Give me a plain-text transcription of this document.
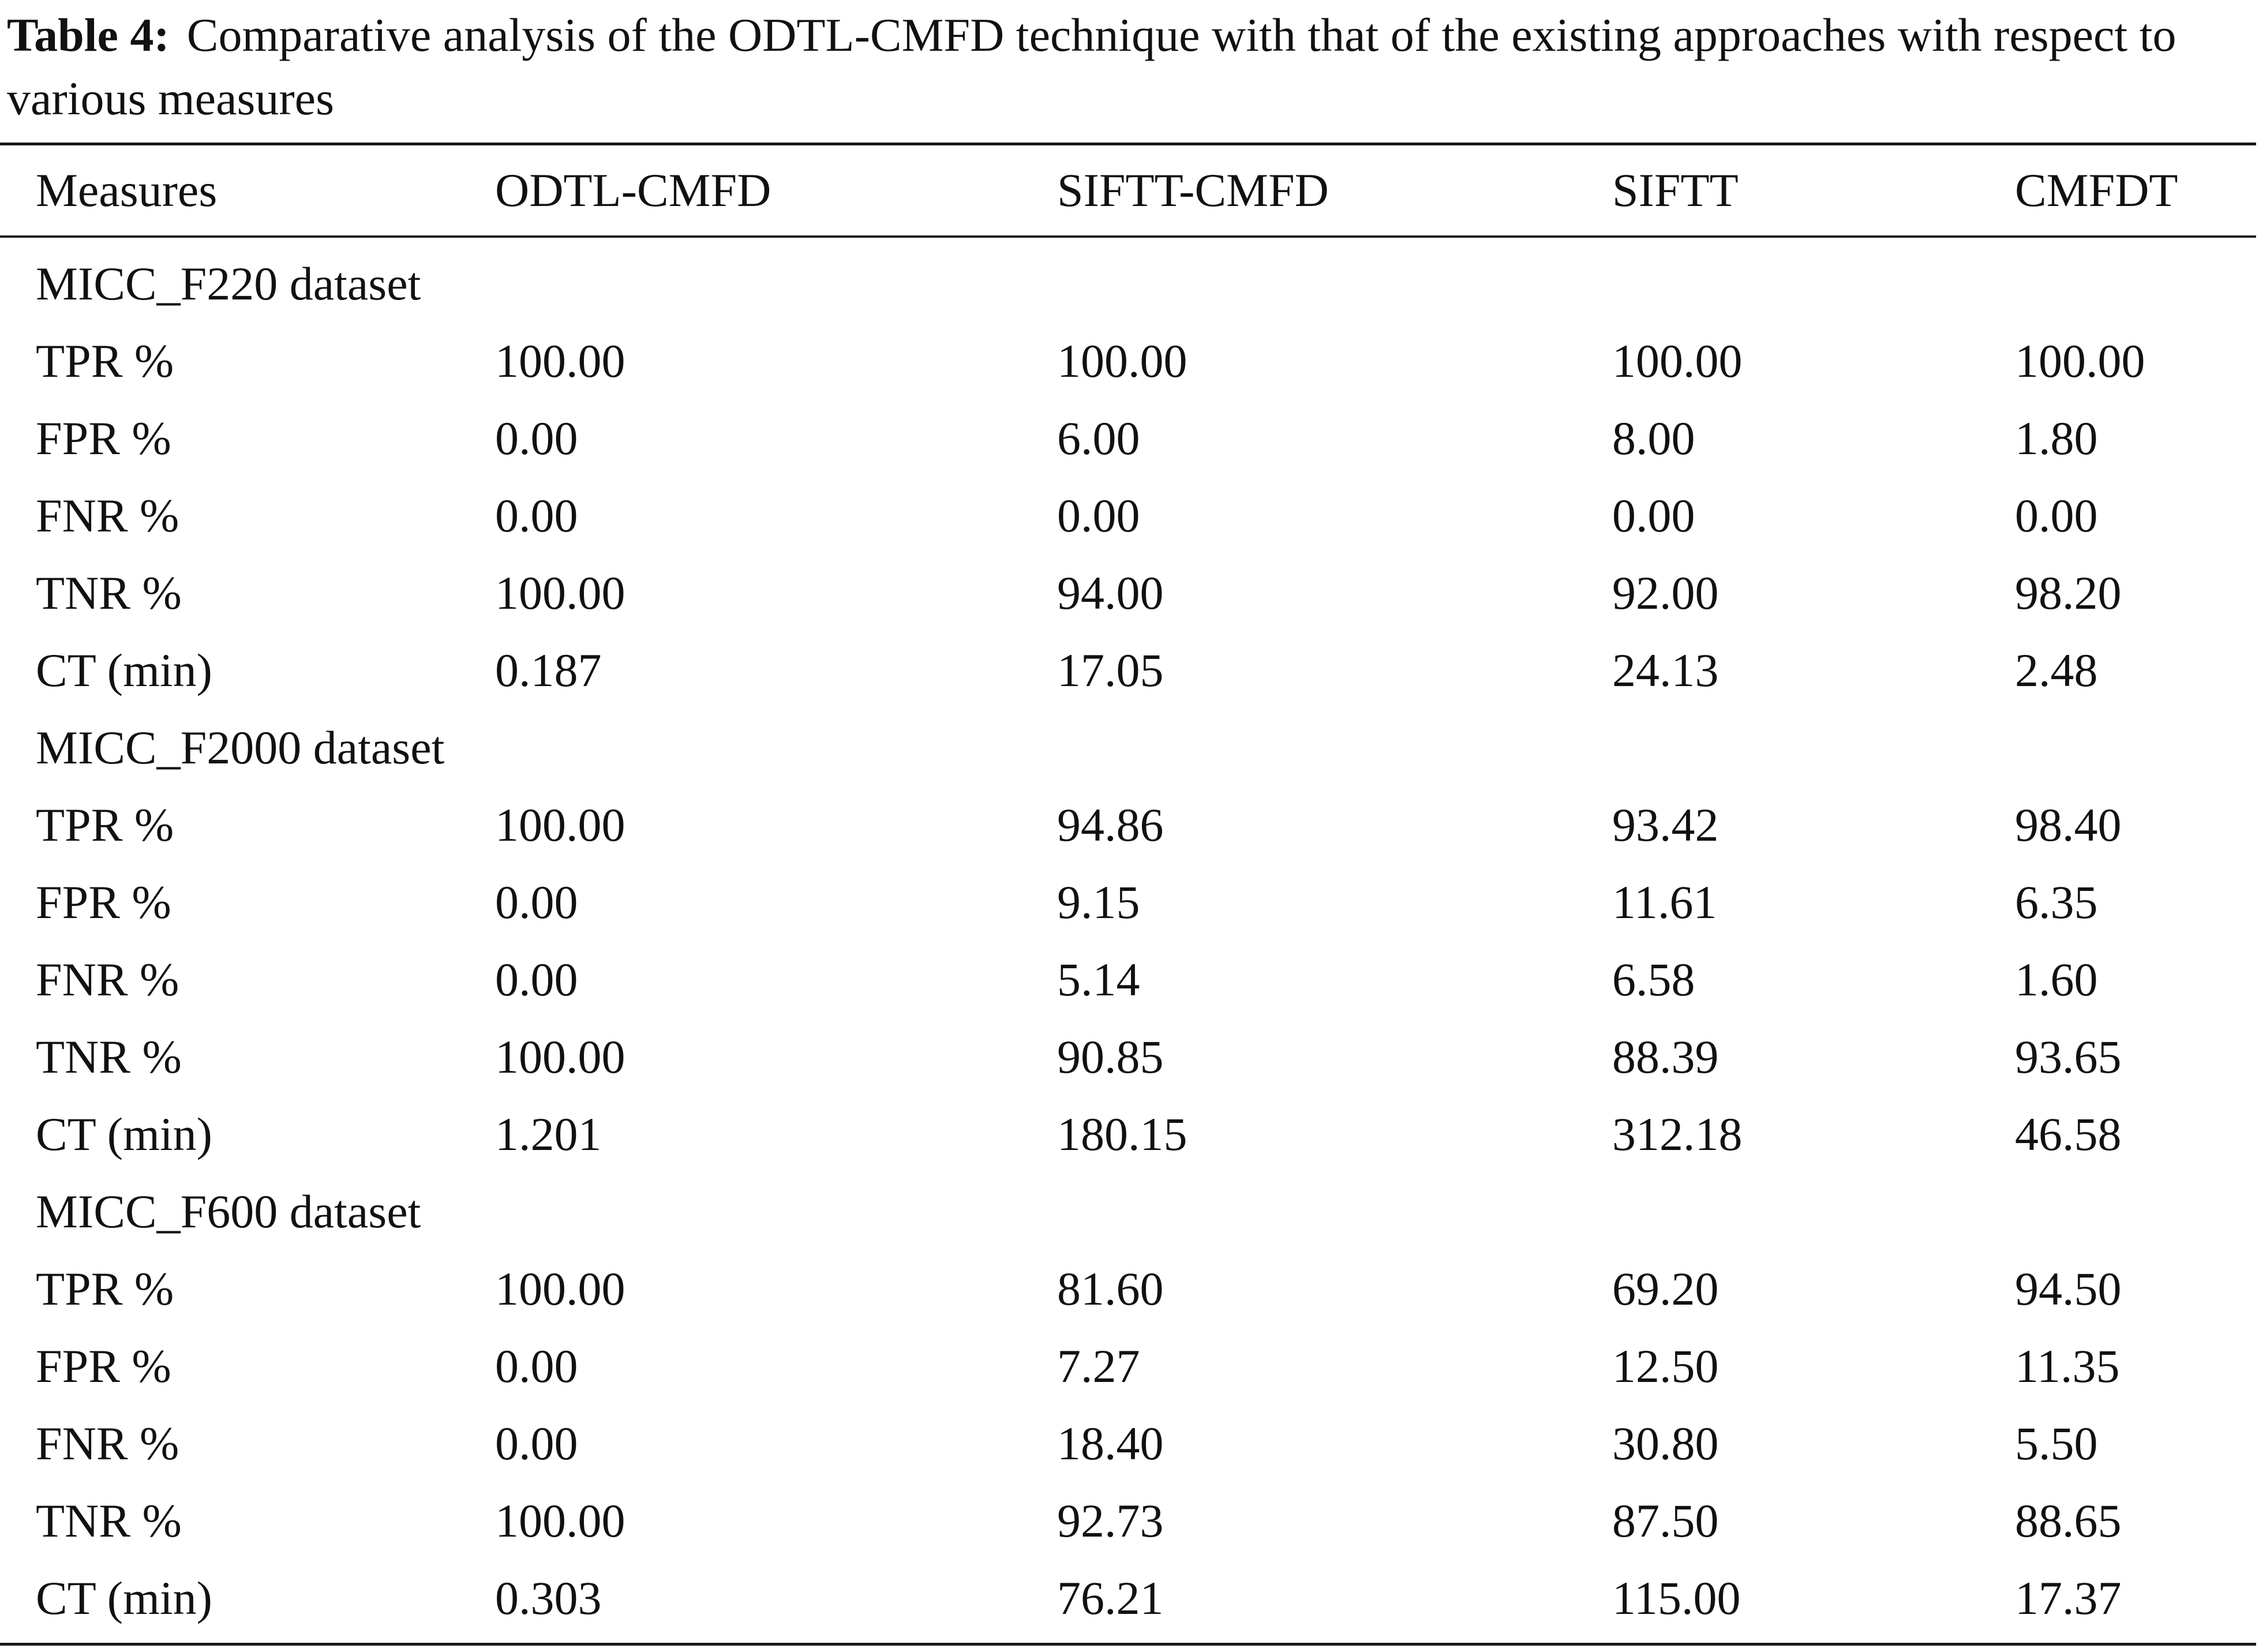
Table 4: Comparative analysis of the ODTL-CMFD technique with that of the existing approaches with respect to various measures
Measures	ODTL-CMFD	SIFTT-CMFD	SIFTT	CMFDT
MICC_F220 dataset
TPR %	100.00	100.00	100.00	100.00
FPR %	0.00	6.00	8.00	1.80
FNR %	0.00	0.00	0.00	0.00
TNR %	100.00	94.00	92.00	98.20
CT (min)	0.187	17.05	24.13	2.48
MICC_F2000 dataset
TPR %	100.00	94.86	93.42	98.40
FPR %	0.00	9.15	11.61	6.35
FNR %	0.00	5.14	6.58	1.60
TNR %	100.00	90.85	88.39	93.65
CT (min)	1.201	180.15	312.18	46.58
MICC_F600 dataset
TPR %	100.00	81.60	69.20	94.50
FPR %	0.00	7.27	12.50	11.35
FNR %	0.00	18.40	30.80	5.50
TNR %	100.00	92.73	87.50	88.65
CT (min)	0.303	76.21	115.00	17.37
